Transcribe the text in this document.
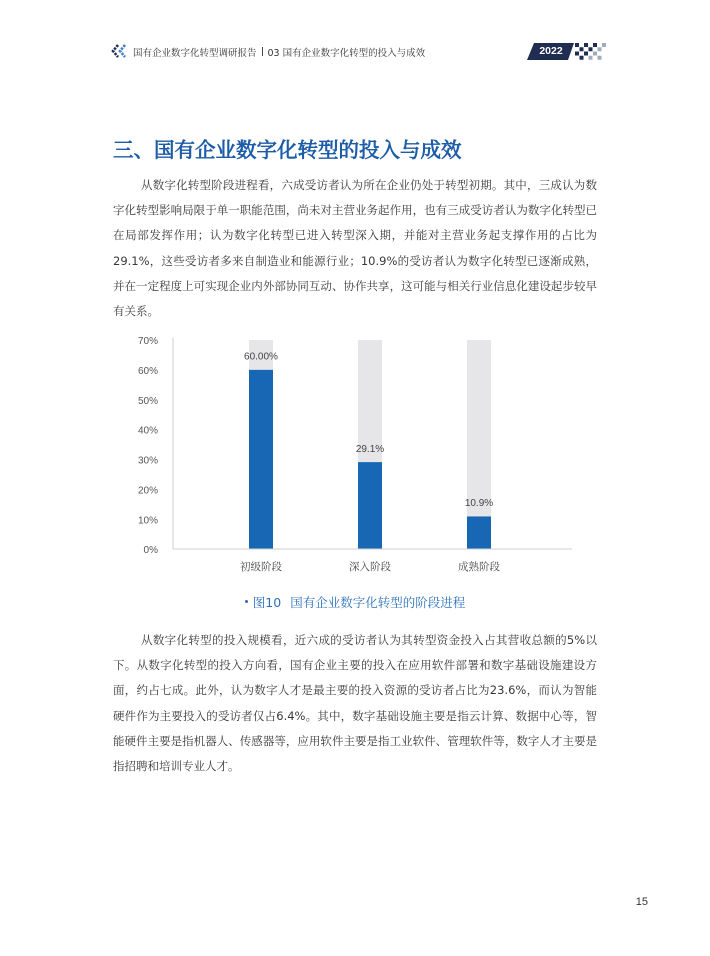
国有企业数字化转型调研报告 03 国有企业数字化转型的投入与成效	2022
三、国有企业数字化转型的投入与成效

从数字化转型阶段进程看，六成受访者认为所在企业仍处于转型初期。其中，三成认为数字化转型影响局限于单一职能范围，尚未对主营业务起作用，也有三成受访者认为数字化转型已在局部发挥作用；认为数字化转型已进入转型深入期，并能对主营业务起支撑作用的占比为29.1%，这些受访者多来自制造业和能源行业；10.9%的受访者认为数字化转型已逐渐成熟，并在一定程度上可实现企业内外部协同互动、协作共享，这可能与相关行业信息化建设起步较早有关系。

60.00%
初级阶段
29.1%
深入阶段
10.9%
成熟阶段
0%
10%
20%
30%
40%
50%
60%
70%
图10 国有企业数字化转型的阶段进程

从数字化转型的投入规模看，近六成的受访者认为其转型资金投入占其营收总额的5%以下。从数字化转型的投入方向看，国有企业主要的投入在应用软件部署和数字基础设施建设方面，约占七成。此外，认为数字人才是最主要的投入资源的受访者占比为23.6%，而认为智能硬件作为主要投入的受访者仅占6.4%。其中，数字基础设施主要是指云计算、数据中心等，智能硬件主要是指机器人、传感器等，应用软件主要是指工业软件、管理软件等，数字人才主要是指招聘和培训专业人才。

15
